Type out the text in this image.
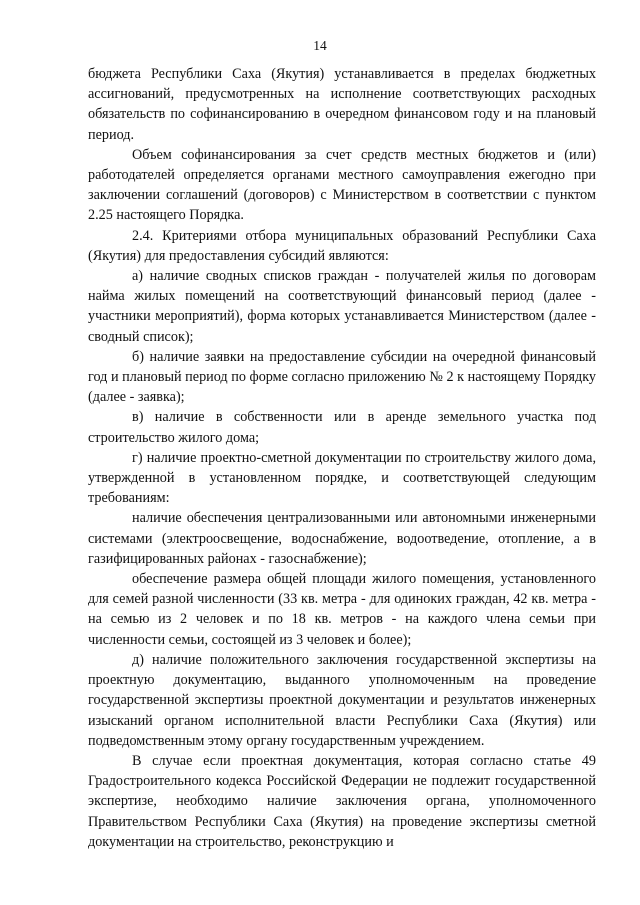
14

бюджета Республики Саха (Якутия) устанавливается в пределах бюджетных ассигнований, предусмотренных на исполнение соответствующих расходных обязательств по софинансированию в очередном финансовом году и на плановый период.

Объем софинансирования за счет средств местных бюджетов и (или) работодателей определяется органами местного самоуправления ежегодно при заключении соглашений (договоров) с Министерством в соответствии с пунктом 2.25 настоящего Порядка.

2.4. Критериями отбора муниципальных образований Республики Саха (Якутия) для предоставления субсидий являются:

а) наличие сводных списков граждан - получателей жилья по договорам найма жилых помещений на соответствующий финансовый период (далее - участники мероприятий), форма которых устанавливается Министерством (далее - сводный список);

б) наличие заявки на предоставление субсидии на очередной финансовый год и плановый период по форме согласно приложению № 2 к настоящему Порядку (далее - заявка);

в) наличие в собственности или в аренде земельного участка под строительство жилого дома;

г) наличие проектно-сметной документации по строительству жилого дома, утвержденной в установленном порядке, и соответствующей следующим требованиям:

наличие обеспечения централизованными или автономными инженерными системами (электроосвещение, водоснабжение, водоотведение, отопление, а в газифицированных районах - газоснабжение);

обеспечение размера общей площади жилого помещения, установленного для семей разной численности (33 кв. метра - для одиноких граждан, 42 кв. метра - на семью из 2 человек и по 18 кв. метров - на каждого члена семьи при численности семьи, состоящей из 3 человек и более);

д) наличие положительного заключения государственной экспертизы на проектную документацию, выданного уполномоченным на проведение государственной экспертизы проектной документации и результатов инженерных изысканий органом исполнительной власти Республики Саха (Якутия) или подведомственным этому органу государственным учреждением.

В случае если проектная документация, которая согласно статье 49 Градостроительного кодекса Российской Федерации не подлежит государственной экспертизе, необходимо наличие заключения органа, уполномоченного Правительством Республики Саха (Якутия) на проведение экспертизы сметной документации на строительство, реконструкцию и
